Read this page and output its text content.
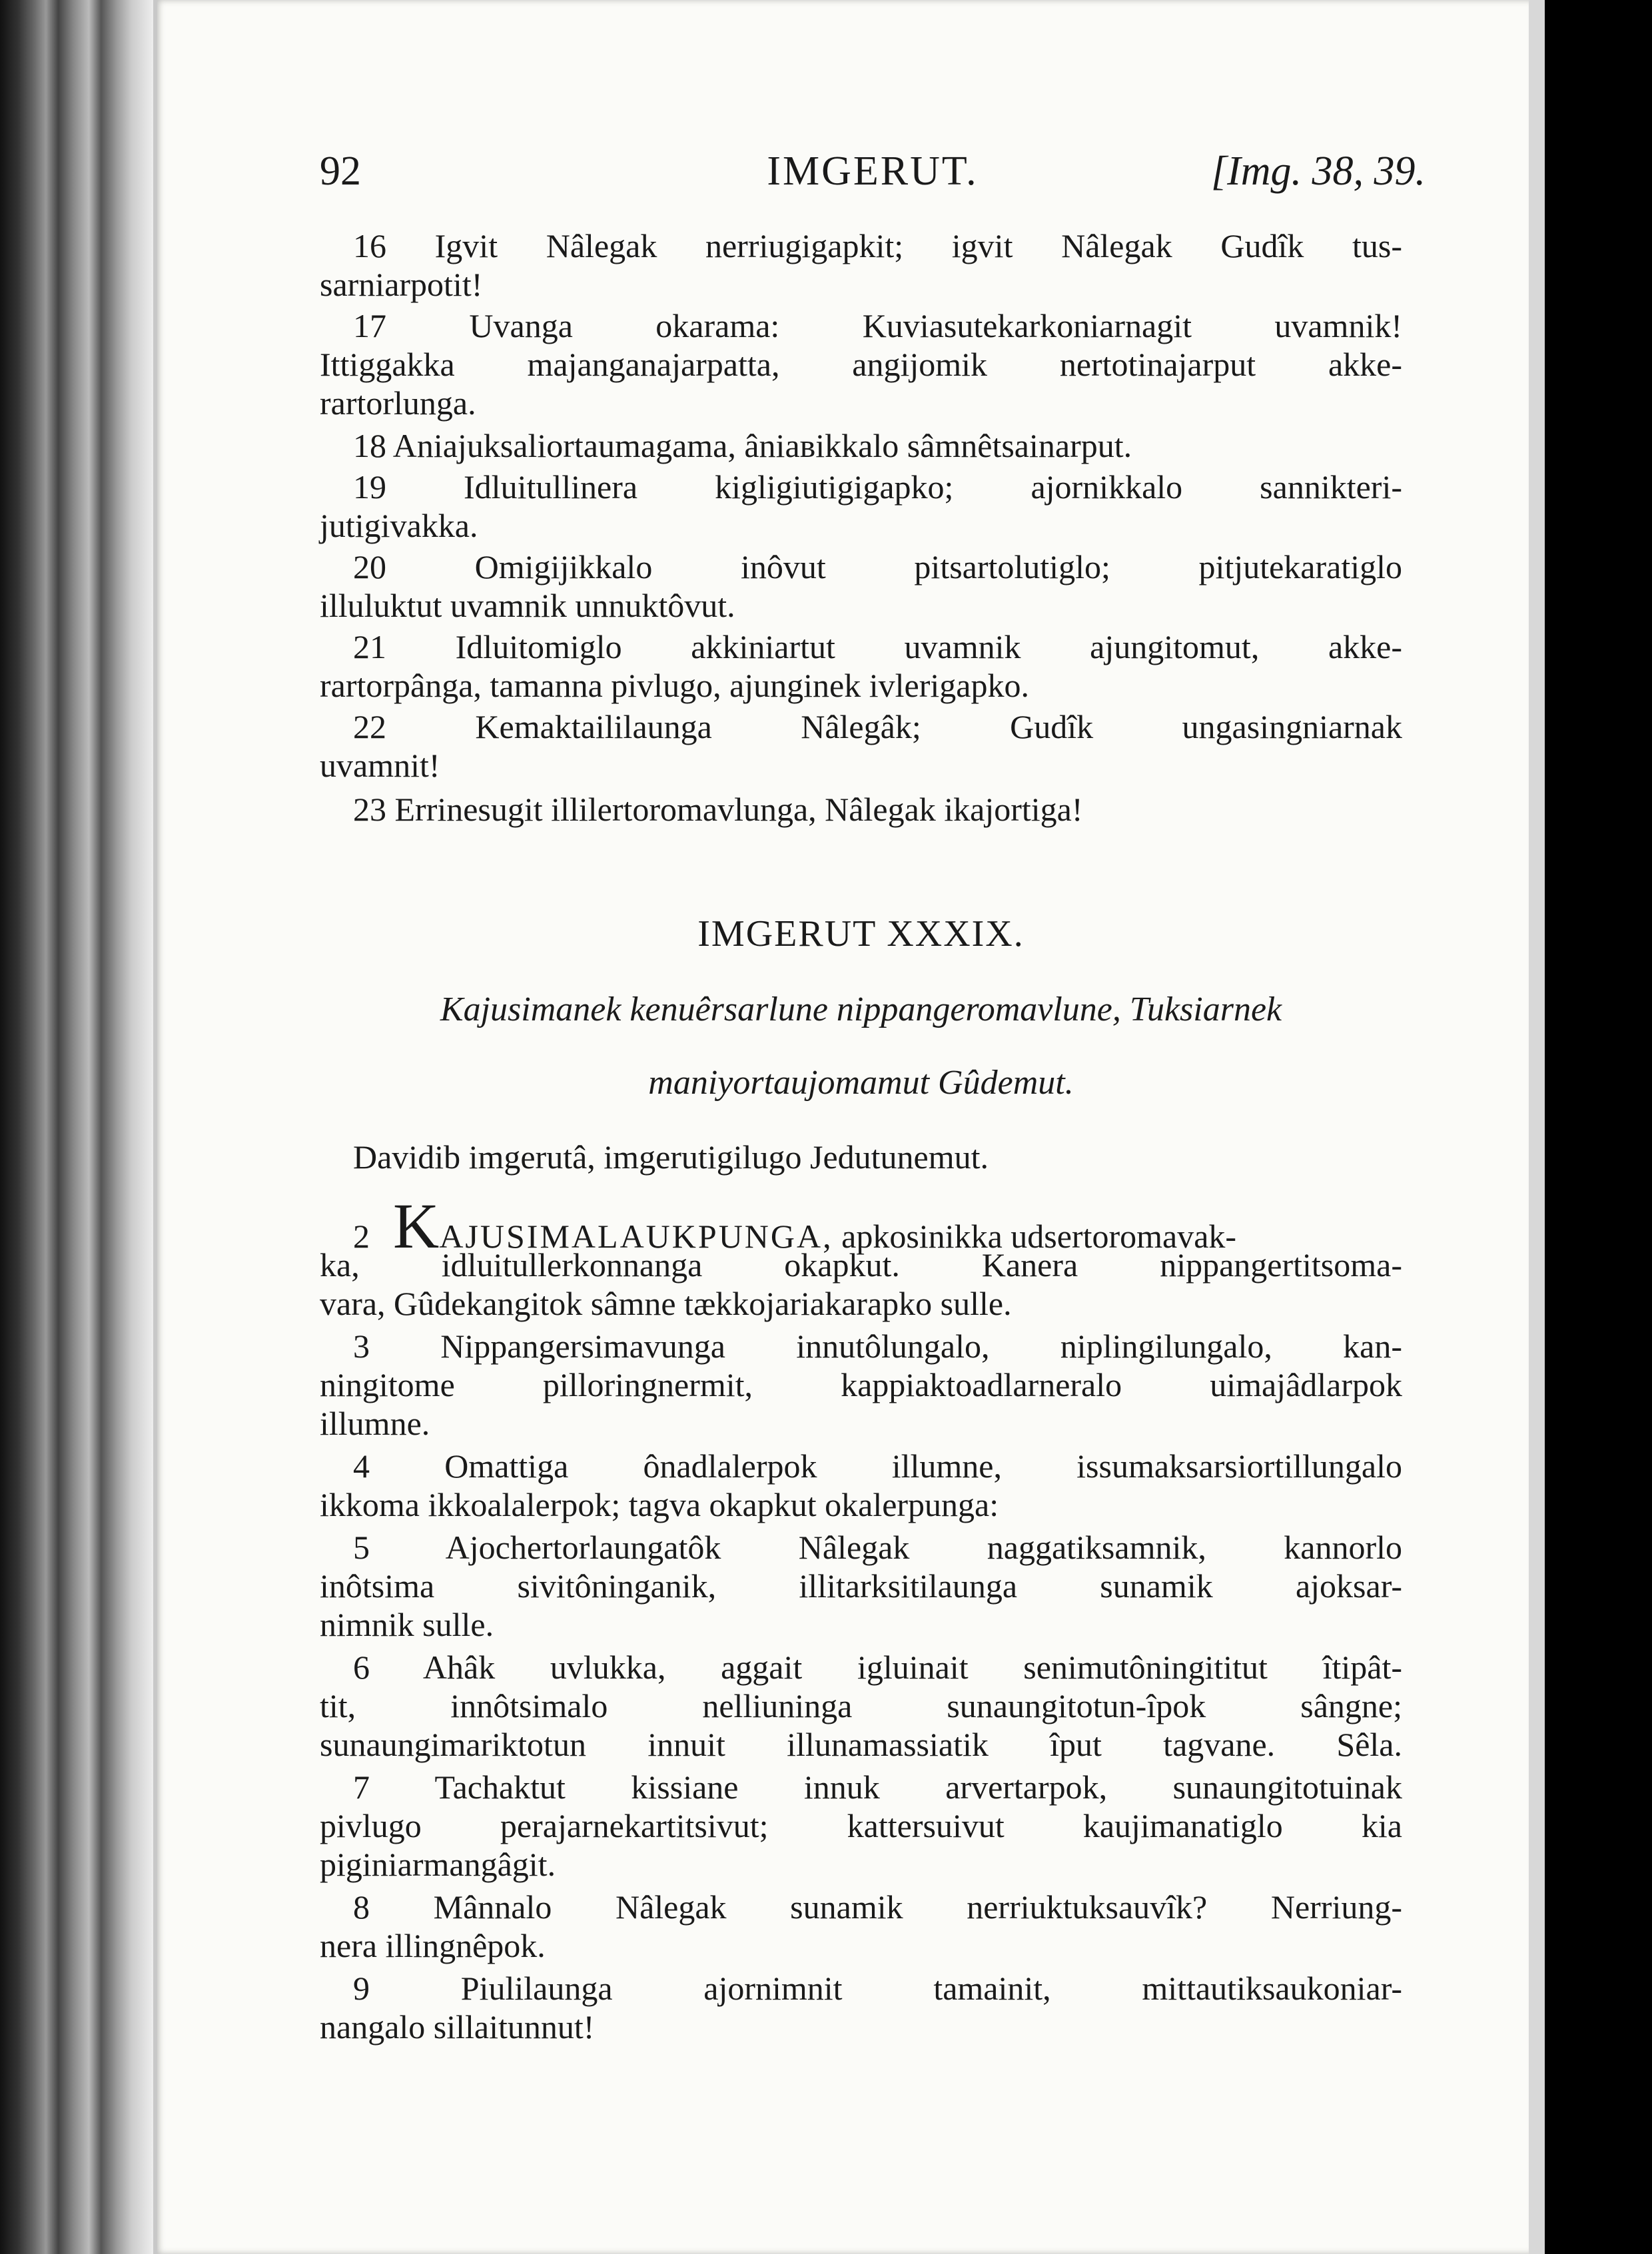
92	IMGERUT.	[Img. 38, 39.
16 Igvit Nâlegak nerriugigapkit; igvit Nâlegak Gudîk tus-
sarniarpotit!
17 Uvanga okarama: Kuviasutekarkoniarnagit uvamnik!
Ittiggakka majanganajarpatta, angijomik nertotinajarput akke-
rartorlunga.
18 Aniajuksaliortaumagama, âniaвikkalo sâmnêtsainarput.
19 Idluitullinera kigligiutigigapko; ajornikkalo sannikteri-
jutigivakka.
20 Omigijikkalo inôvut pitsartolutiglo; pitjutekaratiglo
illuluktut uvamnik unnuktôvut.
21 Idluitomiglo akkiniartut uvamnik ajungitomut, akke-
rartorpânga, tamanna pivlugo, ajunginek ivlerigapko.
22 Kemaktaililaunga Nâlegâk; Gudîk ungasingniarnak
uvamnit!
23 Errinesugit illilertoromavlunga, Nâlegak ikajortiga!
IMGERUT XXXIX.
Kajusimanek kenuêrsarlune nippangeromavlune, Tuksiarnek
maniyortaujomamut Gûdemut.
Davidib imgerutâ, imgerutigilugo Jedutunemut.
2 KAJUSIMALAUKPUNGA, apkosinikka udsertoromavak-
ka, idluitullerkonnanga okapkut. Kanera nippangertitsoma-
vara, Gûdekangitok sâmne tækkojariakarapko sulle.
3 Nippangersimavunga innutôlungalo, niplingilungalo, kan-
ningitome pilloringnermit, kappiaktoadlarneralo uimajâdlarpok
illumne.
4 Omattiga ônadlalerpok illumne, issumaksarsiortillungalo
ikkoma ikkoalalerpok; tagva okapkut okalerpunga:
5 Ajochertorlaungatôk Nâlegak naggatiksamnik, kannorlo
inôtsima sivitôninganik, illitarksitilaunga sunamik ajoksar-
nimnik sulle.
6 Ahâk uvlukka, aggait igluinait senimutôningititut îtipât-
tit, innôtsimalo nelliuninga sunaungitotun-îpok sângne;
sunaungimariktotun innuit illunamassiatik îput tagvane. Sêla.
7 Tachaktut kissiane innuk arvertarpok, sunaungitotuinak
pivlugo perajarnekartitsivut; kattersuivut kaujimanatiglo kia
piginiarmangâgit.
8 Mânnalo Nâlegak sunamik nerriuktuksauvîk? Nerriung-
nera illingnêpok.
9 Piulilaunga ajornimnit tamainit, mittautiksaukoniar-
nangalo sillaitunnut!
